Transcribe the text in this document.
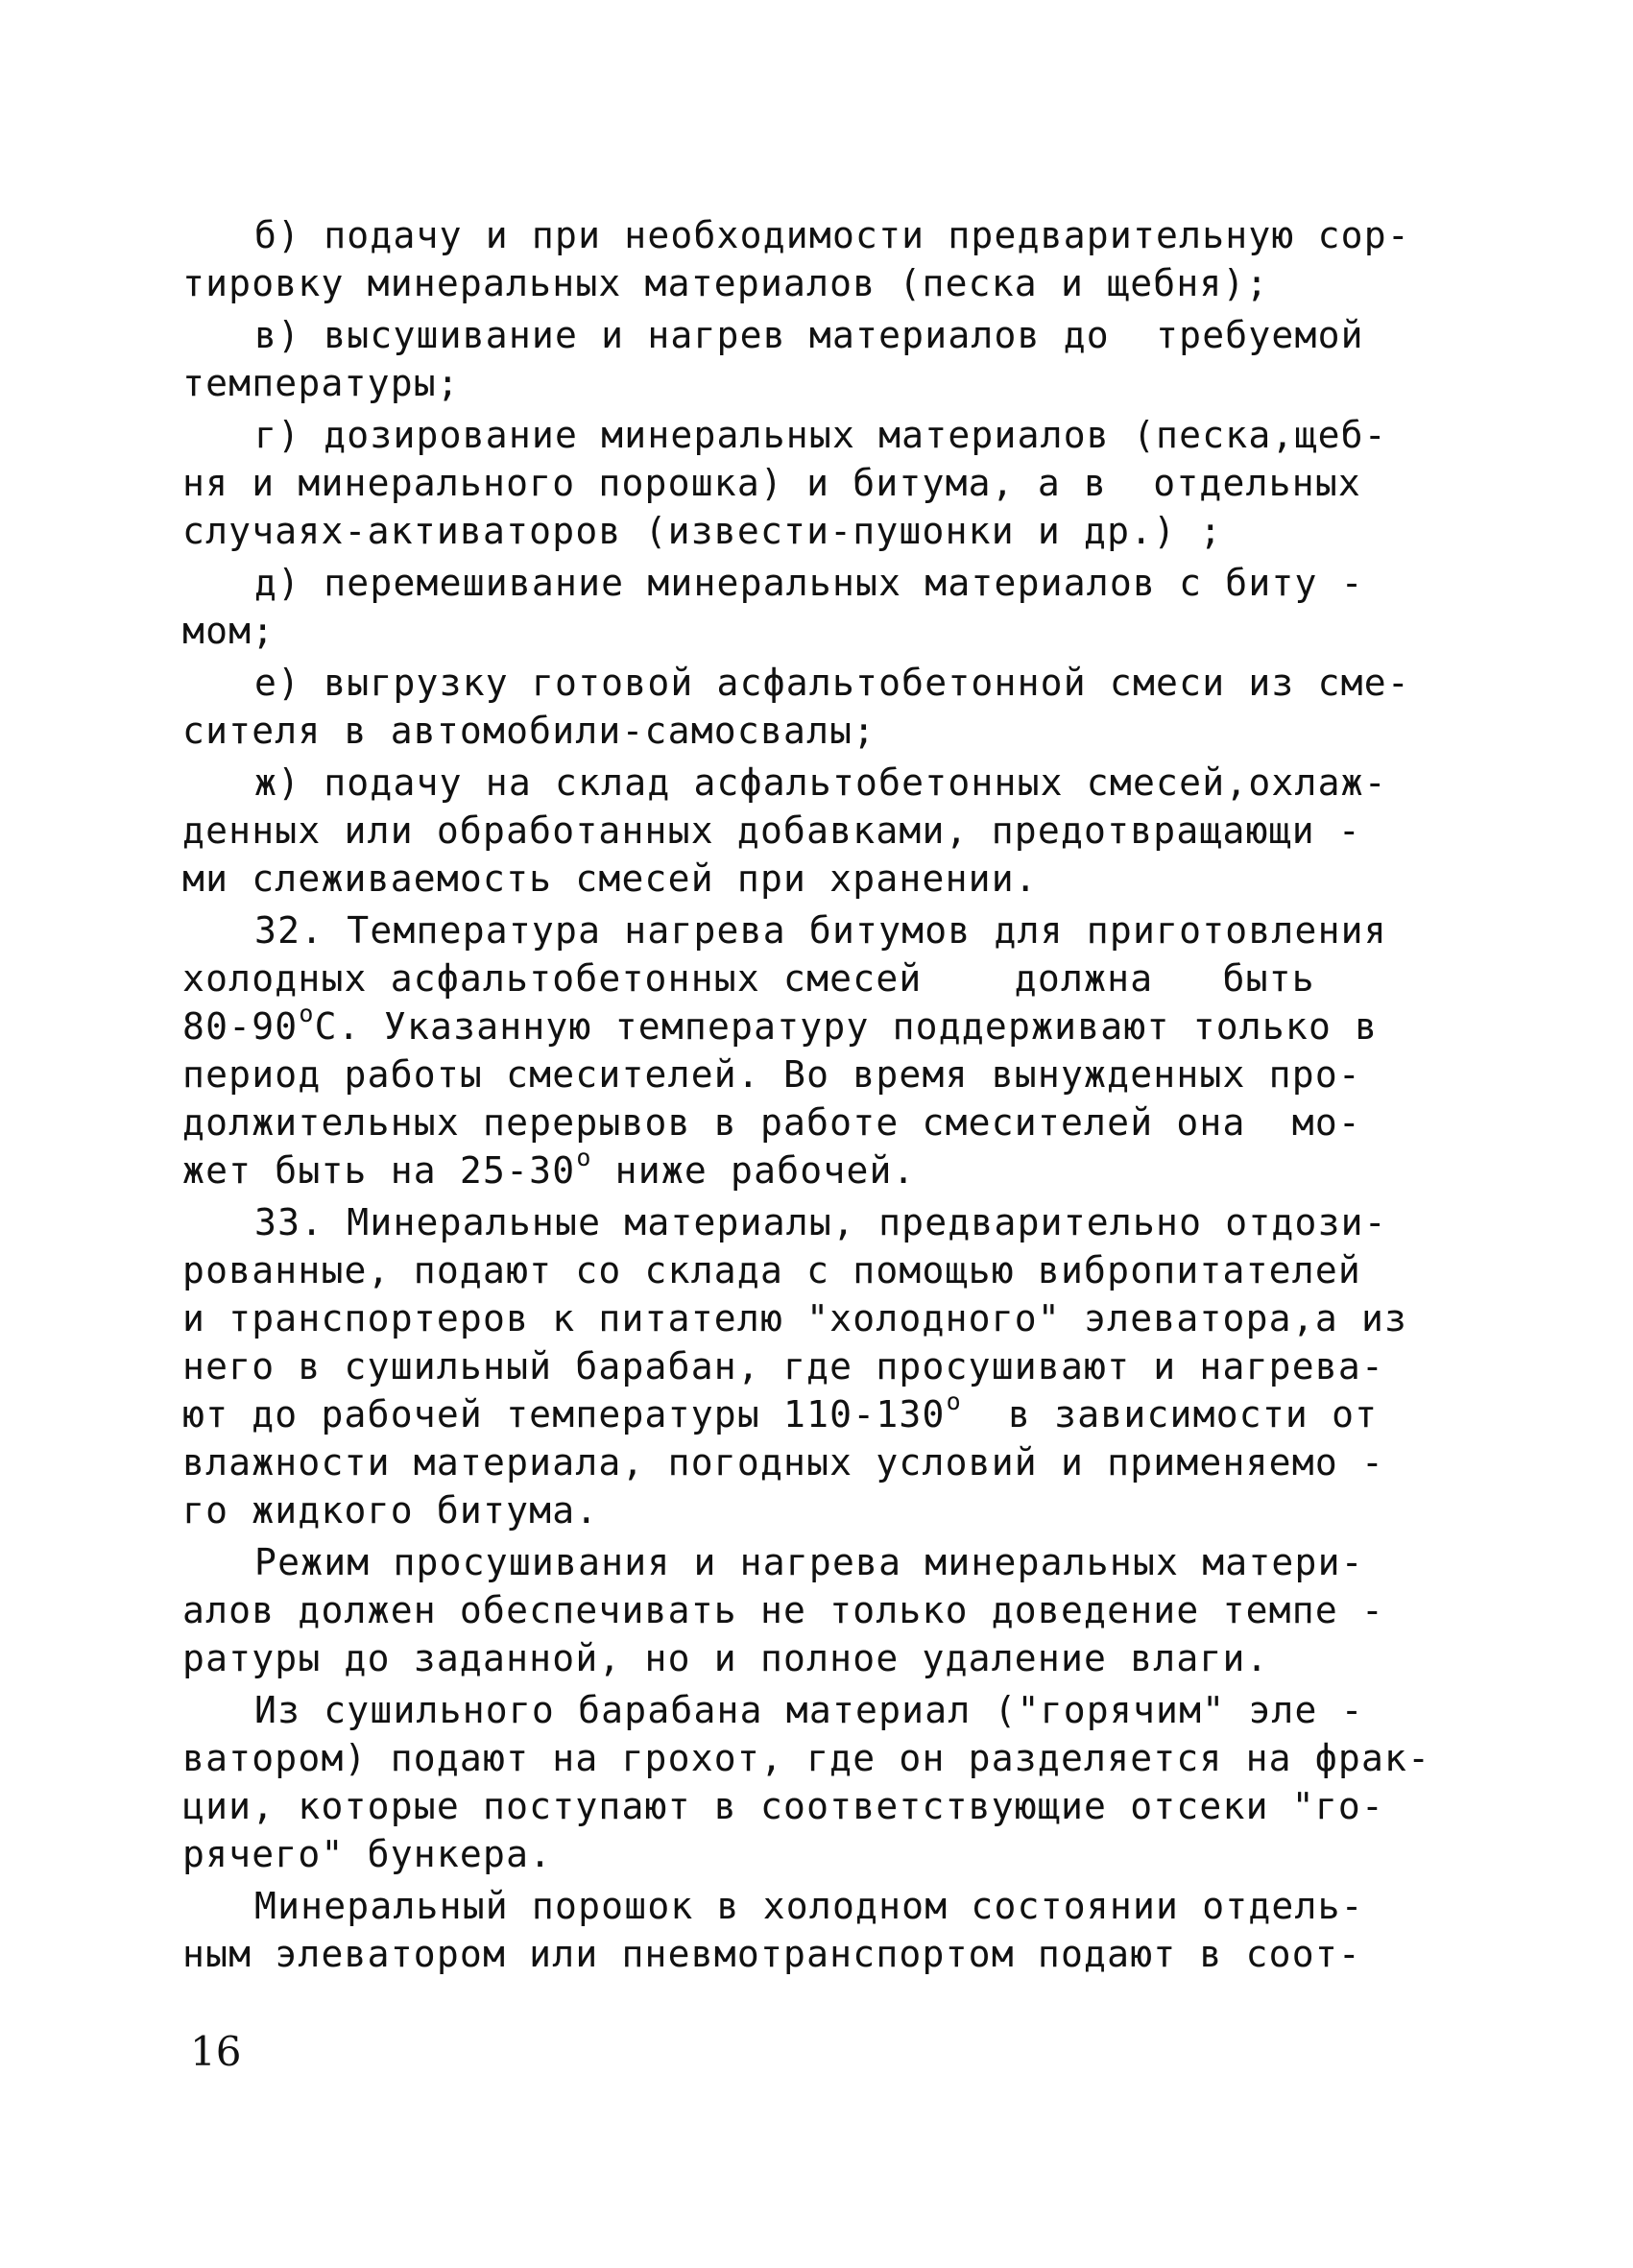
б) подачу и при необходимости предварительную сор-
тировку минеральных материалов (песка и щебня);
в) высушивание и нагрев материалов до  требуемой
температуры;
г) дозирование минеральных материалов (песка,щеб-
ня и минерального порошка) и битума, а в  отдельных
случаях-активаторов (извести-пушонки и др.) ;
д) перемешивание минеральных материалов с биту -
мом;
е) выгрузку готовой асфальтобетонной смеси из сме-
сителя в автомобили-самосвалы;
ж) подачу на склад асфальтобетонных смесей,охлаж-
денных или обработанных добавками, предотвращающи -
ми слеживаемость смесей при хранении.
32. Температура нагрева битумов для приготовления
холодных асфальтобетонных смесей    должна   быть
80-90$^o$С. Указанную температуру поддерживают только в
период работы смесителей. Во время вынужденных про-
должительных перерывов в работе смесителей она  мо-
жет быть на 25-30$^o$ ниже рабочей.
33. Минеральные материалы, предварительно отдози-
рованные, подают со склада с помощью вибропитателей
и транспортеров к питателю "холодного" элеватора,а из
него в сушильный барабан, где просушивают и нагрева-
ют до рабочей температуры 110-130$^o$  в зависимости от
влажности материала, погодных условий и применяемо -
го жидкого битума.
Режим просушивания и нагрева минеральных матери-
алов должен обеспечивать не только доведение темпе -
ратуры до заданной, но и полное удаление влаги.
Из сушильного барабана материал ("горячим" эле -
ватором) подают на грохот, где он разделяется на фрак-
ции, которые поступают в соответствующие отсеки "го-
рячего" бункера.
Минеральный порошок в холодном состоянии отдель-
ным элеватором или пневмотранспортом подают в соот-
16
